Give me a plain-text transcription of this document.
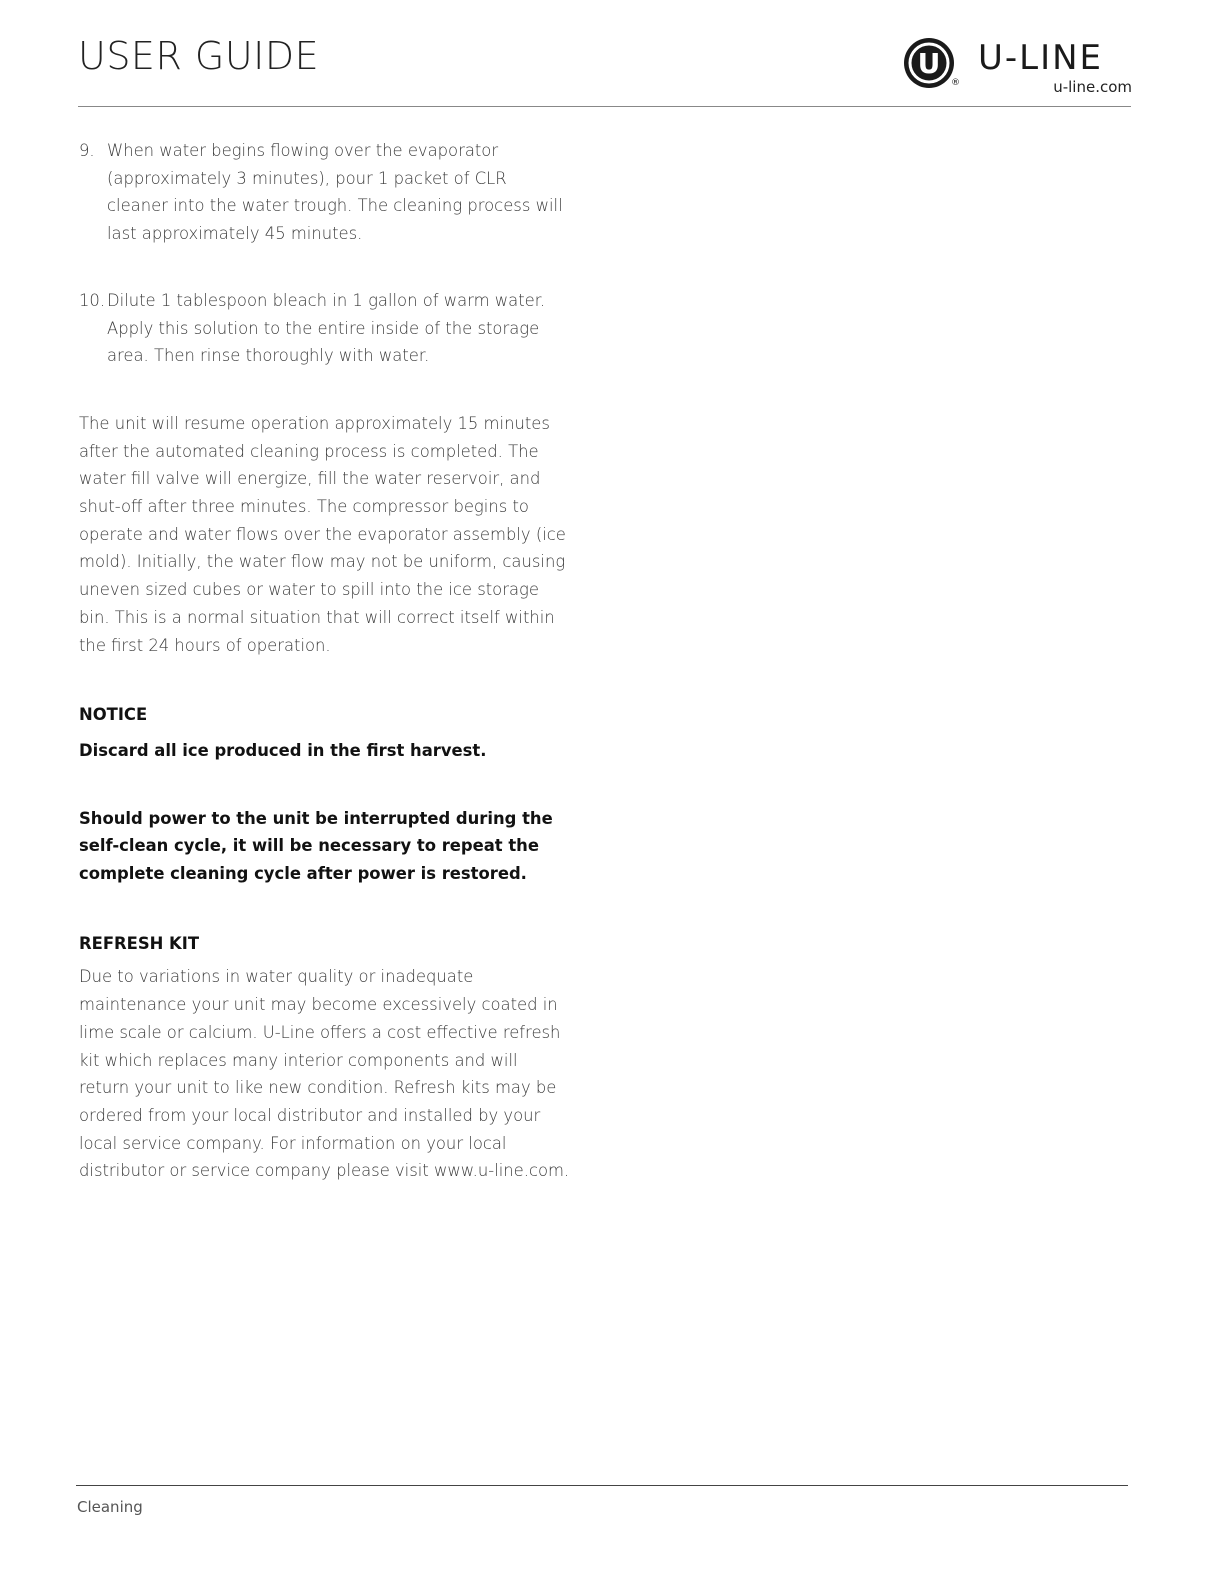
USER GUIDE	U
®
U-LINE
u-line.com
9. When water begins flowing over the evaporator (approximately 3 minutes), pour 1 packet of CLR cleaner into the water trough. The cleaning process will last approximately 45 minutes.

10. Dilute 1 tablespoon bleach in 1 gallon of warm water. Apply this solution to the entire inside of the storage area. Then rinse thoroughly with water.

The unit will resume operation approximately 15 minutes after the automated cleaning process is completed. The water fill valve will energize, fill the water reservoir, and shut-off after three minutes. The compressor begins to operate and water flows over the evaporator assembly (ice mold). Initially, the water flow may not be uniform, causing uneven sized cubes or water to spill into the ice storage bin. This is a normal situation that will correct itself within the first 24 hours of operation.

NOTICE

Discard all ice produced in the first harvest.

Should power to the unit be interrupted during the self-clean cycle, it will be necessary to repeat the complete cleaning cycle after power is restored.

REFRESH KIT

Due to variations in water quality or inadequate maintenance your unit may become excessively coated in lime scale or calcium. U-Line offers a cost effective refresh kit which replaces many interior components and will return your unit to like new condition. Refresh kits may be ordered from your local distributor and installed by your local service company. For information on your local distributor or service company please visit www.u-line.com.

Cleaning
